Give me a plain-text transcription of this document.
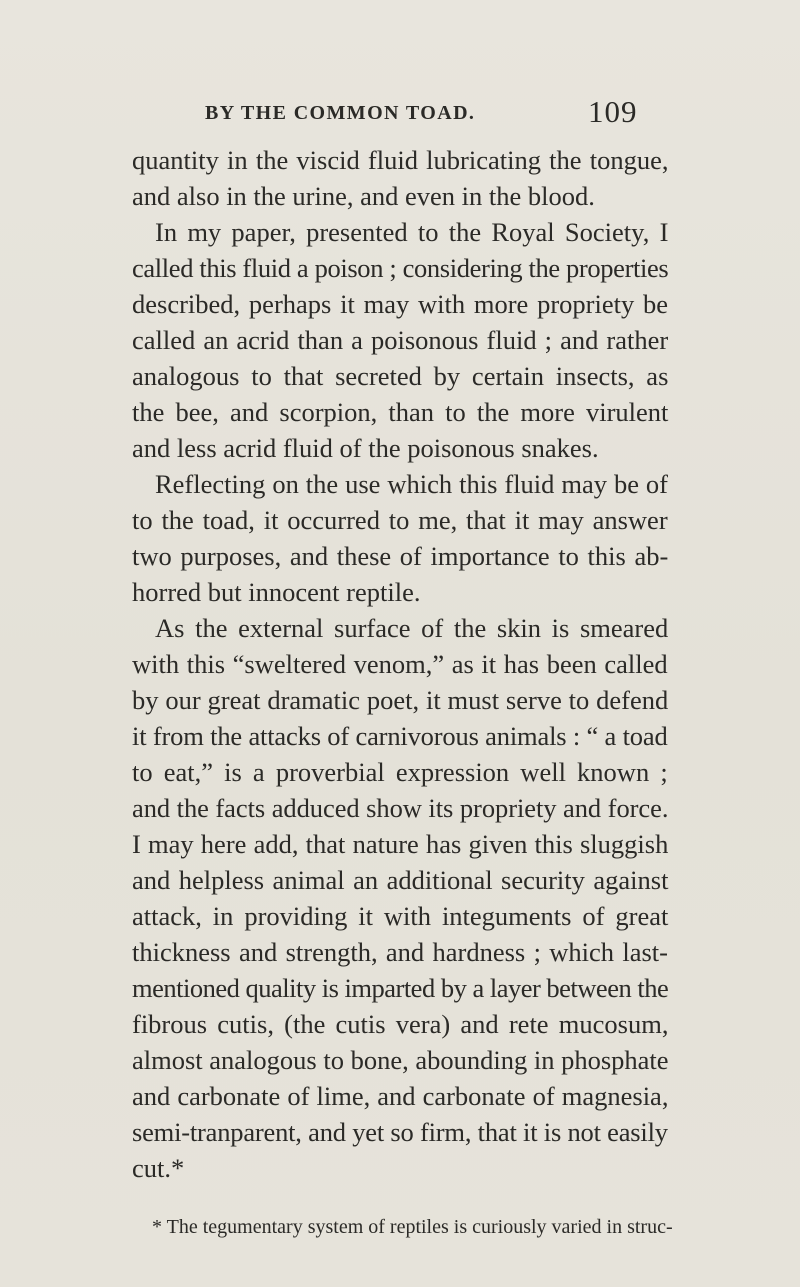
BY THE COMMON TOAD.	109
quantity in the viscid fluid lubricating the tongue,
and also in the urine, and even in the blood.
In my paper, presented to the Royal Society, I
called this fluid a poison ; considering the properties
described, perhaps it may with more propriety be
called an acrid than a poisonous fluid ; and rather
analogous to that secreted by certain insects, as
the bee, and scorpion, than to the more virulent
and less acrid fluid of the poisonous snakes.
Reflecting on the use which this fluid may be of
to the toad, it occurred to me, that it may answer
two purposes, and these of importance to this ab-
horred but innocent reptile.
As the external surface of the skin is smeared
with this “sweltered venom,” as it has been called
by our great dramatic poet, it must serve to defend
it from the attacks of carnivorous animals : “ a toad
to eat,” is a proverbial expression well known ;
and the facts adduced show its propriety and force.
I may here add, that nature has given this sluggish
and helpless animal an additional security against
attack, in providing it with integuments of great
thickness and strength, and hardness ; which last-
mentioned quality is imparted by a layer between the
fibrous cutis, (the cutis vera) and rete mucosum,
almost analogous to bone, abounding in phosphate
and carbonate of lime, and carbonate of magnesia,
semi-tranparent, and yet so firm, that it is not easily
cut.*
* The tegumentary system of reptiles is curiously varied in struc-
